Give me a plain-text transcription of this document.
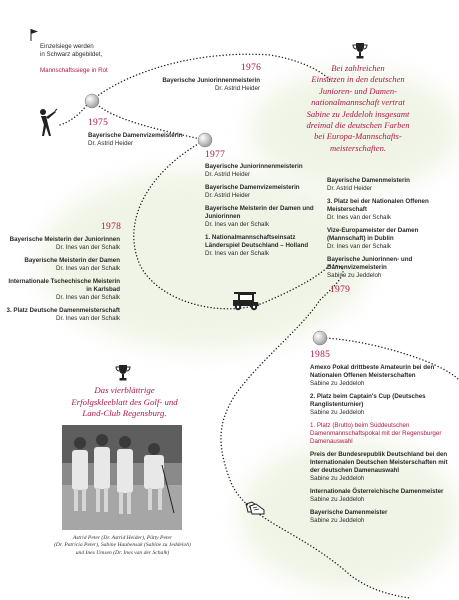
Einzelsiege werden
in Schwarz abgebildet,
Mannschaftssiege in Rot
1975
Bayerische Damenvizemeisterin
Dr. Astrid Heider
1976
Bayerische Juniorinnenmeisterin
Dr. Astrid Heider
Bei zahlreichen
Einsätzen in den deutschen
Junioren- und Damen-
nationalmannschaft vertrat
Sabine zu Jeddeloh insgesamt
dreimal die deutschen Farben
bei Europa-Mannschafts-
meisterschaften.
1977
Bayerische Juniorinnenmeisterin
Dr. Astrid Heider
Bayerische Damenvizemeisterin
Dr. Astrid Heider
Bayerische Meisterin der Damen und Juniorinnen
Dr. Ines van der Schalk
1. Nationalmannschaftseinsatz Länderspiel Deutschland – Holland
Dr. Ines van der Schalk
Bayerische Damenmeisterin
Dr. Astrid Heider
3. Platz bei der Nationalen Offenen Meisterschaft
Dr. Ines van der Schalk
Vize-Europameister der Damen (Mannschaft) in Dublin
Dr. Ines van der Schalk
Bayerische Juniorinnen- und Damenvizemeisterin
Sabine zu Jeddeloh
1979
1978
Bayerische Meisterin der Juniorinnen
Dr. Ines van der Schalk
Bayerische Meisterin der Damen
Dr. Ines van der Schalk
Internationale Tschechische Meisterin in Karlsbad
Dr. Ines van der Schalk
3. Platz Deutsche Damenmeisterschaft
Dr. Ines van der Schalk
Das vierblättrige
Erfolgskleeblatt des Golf- und
Land-Club Regensburg.
Astrid Peter (Dr. Astrid Heider), Pätty Peter
(Dr. Patricia Peter), Sabine Haubensak (Sabine zu Jeddeloh)
und Ines Umsen (Dr. Ines van der Schalk)
1985
Amexo Pokal drittbeste Amateurin bei den Nationalen Offenen Meisterschaften
Sabine zu Jeddeloh
2. Platz beim Captain's Cup (Deutsches Ranglistenturnier)
Sabine zu Jeddeloh
1. Platz (Brutto) beim Süddeutschen Damenmannschaftspokal mit der Regensburger Damenauswahl
Preis der Bundesrepublik Deutschland bei den Internationalen Deutschen Meisterschaften mit der deutschen Damenauswahl
Sabine zu Jeddeloh
Internationale Österreichische Damenmeister
Sabine zu Jeddeloh
Bayerische Damenmeister
Sabine zu Jeddeloh
